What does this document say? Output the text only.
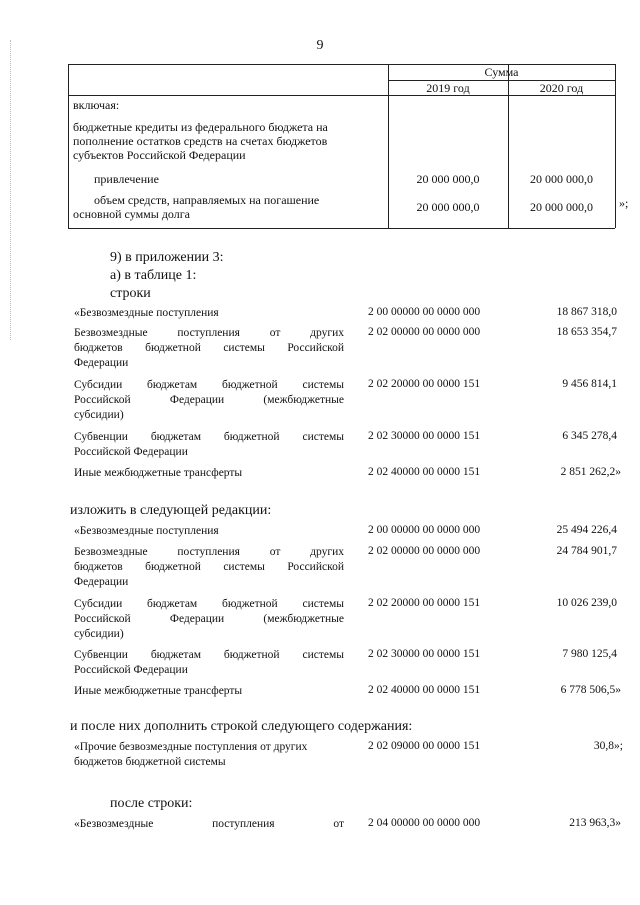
9
Сумма
2019 год	2020 год
включая:
бюджетные кредиты из федерального бюджета на
пополнение остатков средств на счетах бюджетов
субъектов Российской Федерации
привлечение	20 000 000,0	20 000 000,0
объем средств, направляемых на погашение
основной суммы долга	20 000 000,0	20 000 000,0	»;
9) в приложении 3:
а) в таблице 1:
строки
«Безвозмездные поступления	2 00 00000 00 0000 000	18 867 318,0
Безвозмездные поступления от других
бюджетов бюджетной системы Российской
Федерации
2 02 00000 00 0000 000	18 653 354,7
Субсидии бюджетам бюджетной системы
Российской Федерации (межбюджетные
субсидии)
2 02 20000 00 0000 151	9 456 814,1
Субвенции бюджетам бюджетной системы
Российской Федерации
2 02 30000 00 0000 151	6 345 278,4
Иные межбюджетные трансферты	2 02 40000 00 0000 151	2 851 262,2»
изложить в следующей редакции:
«Безвозмездные поступления	2 00 00000 00 0000 000	25 494 226,4
Безвозмездные поступления от других
бюджетов бюджетной системы Российской
Федерации
2 02 00000 00 0000 000	24 784 901,7
Субсидии бюджетам бюджетной системы
Российской Федерации (межбюджетные
субсидии)
2 02 20000 00 0000 151	10 026 239,0
Субвенции бюджетам бюджетной системы
Российской Федерации
2 02 30000 00 0000 151	7 980 125,4
Иные межбюджетные трансферты	2 02 40000 00 0000 151	6 778 506,5»
и после них дополнить строкой следующего содержания:
«Прочие безвозмездные поступления от других
бюджетов бюджетной системы
2 02 09000 00 0000 151	30,8»;
после строки:
«Безвозмездные поступления от 2 04 00000 00 0000 000	213 963,3»
